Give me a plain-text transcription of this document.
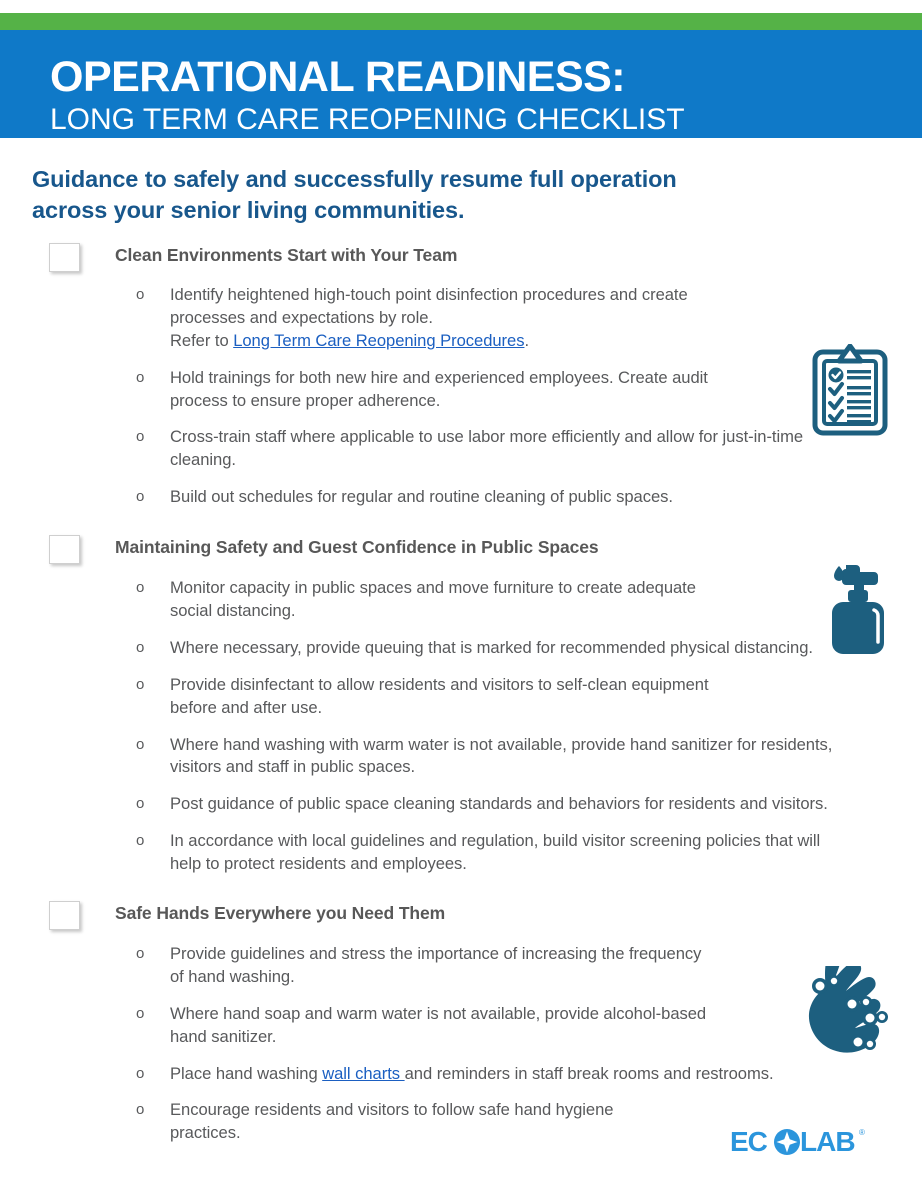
OPERATIONAL READINESS:
LONG TERM CARE REOPENING CHECKLIST
Guidance to safely and successfully resume full operation
across your senior living communities.
Clean Environments Start with Your Team
o Identify heightened high-touch point disinfection procedures and create
processes and expectations by role.
Refer to Long Term Care Reopening Procedures.
o Hold trainings for both new hire and experienced employees. Create audit
process to ensure proper adherence.
o Cross-train staff where applicable to use labor more efficiently and allow for just-in-time
cleaning.
o Build out schedules for regular and routine cleaning of public spaces.
Maintaining Safety and Guest Confidence in Public Spaces
o Monitor capacity in public spaces and move furniture to create adequate
social distancing.
o Where necessary, provide queuing that is marked for recommended physical distancing.
o Provide disinfectant to allow residents and visitors to self-clean equipment
before and after use.
o Where hand washing with warm water is not available, provide hand sanitizer for residents,
visitors and staff in public spaces.
o Post guidance of public space cleaning standards and behaviors for residents and visitors.
o In accordance with local guidelines and regulation, build visitor screening policies that will
help to protect residents and employees.
Safe Hands Everywhere you Need Them
o Provide guidelines and stress the importance of increasing the frequency
of hand washing.
o Where hand soap and warm water is not available, provide alcohol-based
hand sanitizer.
o Place hand washing wall charts and reminders in staff break rooms and restrooms.
o Encourage residents and visitors to follow safe hand hygiene
practices.	EC LAB ®
